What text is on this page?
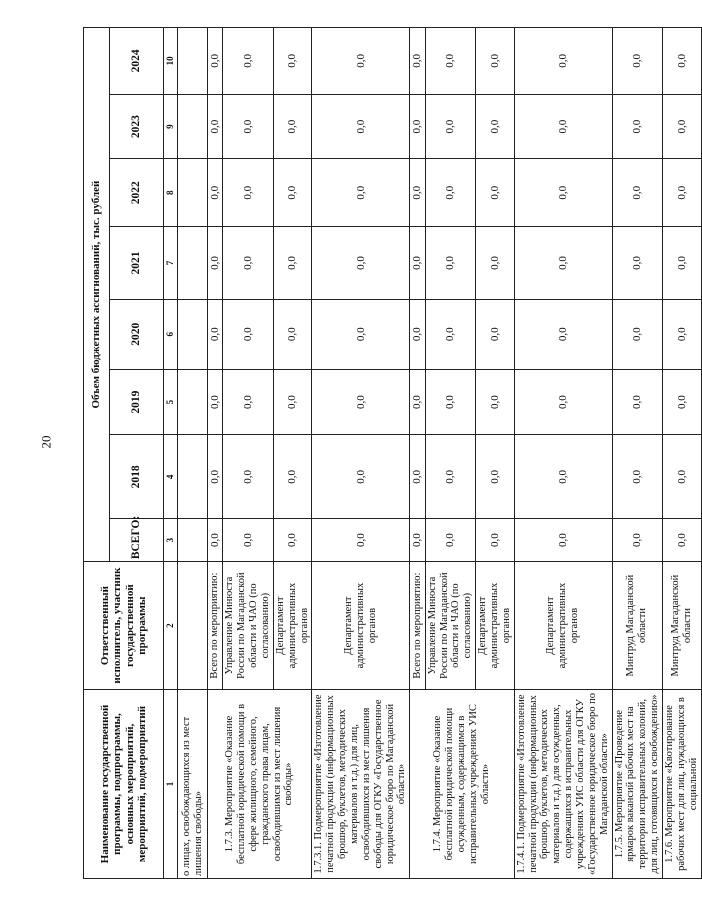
20
Наименование государственной программы, подпрограммы, основных мероприятий, мероприятий, подмероприятий	Ответственный исполнитель, участник государственной программы	Объем бюджетных ассигнований, тыс. рублей							
		ВСЕГО:	2018	2019	2020	2021	2022	2023	2024
1	2	3	4	5	6	7	8	9	10
о лицах, освобождающихся из мест лишения свободы»									
1.7.3. Мероприятие «Оказание бесплатной юридической помощи в сфере жилищного, семейного, гражданского права лицам, освободившимся из мест лишения свободы»	Всего по мероприятию:	0,0	0,0	0,0	0,0	0,0	0,0	0,0	0,0
	Управление Минюста России по Магаданской области и ЧАО (по согласованию)	0,0	0,0	0,0	0,0	0,0	0,0	0,0	0,0
	Департамент административных органов	0,0	0,0	0,0	0,0	0,0	0,0	0,0	0,0
1.7.3.1. Подмероприятие «Изготовление печатной продукции (информационных брошюр, буклетов, методических материалов и т.д.) для лиц, освободившихся из мест лишения свободы для ОГКУ «Государственное юридическое бюро по Магаданской области»	Департамент административных органов	0,0	0,0	0,0	0,0	0,0	0,0	0,0	0,0
1.7.4. Мероприятие «Оказание бесплатной юридической помощи осужденным, содержащимся в исправительных учреждениях УИС области»	Всего по мероприятию:	0,0	0,0	0,0	0,0	0,0	0,0	0,0	0,0
	Управление Минюста России по Магаданской области и ЧАО (по согласованию)	0,0	0,0	0,0	0,0	0,0	0,0	0,0	0,0
	Департамент административных органов	0,0	0,0	0,0	0,0	0,0	0,0	0,0	0,0
1.7.4.1. Подмероприятие «Изготовление печатной продукции (информационных брошюр, буклетов, методических материалов и т.д.) для осужденных, содержащихся в исправительных учреждениях УИС области для ОГКУ «Государственное юридическое бюро по Магаданской области»	Департамент административных органов	0,0	0,0	0,0	0,0	0,0	0,0	0,0	0,0
1.7.5. Мероприятие «Проведение ярмарок вакансий рабочих мест на территории исправительных колоний, для лиц, готовящихся к освобождению»	Минтруд Магаданской области	0,0	0,0	0,0	0,0	0,0	0,0	0,0	0,0
1.7.6. Мероприятие «Квотирование рабочих мест для лиц, нуждающихся в социальной	Минтруд Магаданской области	0,0	0,0	0,0	0,0	0,0	0,0	0,0	0,0
